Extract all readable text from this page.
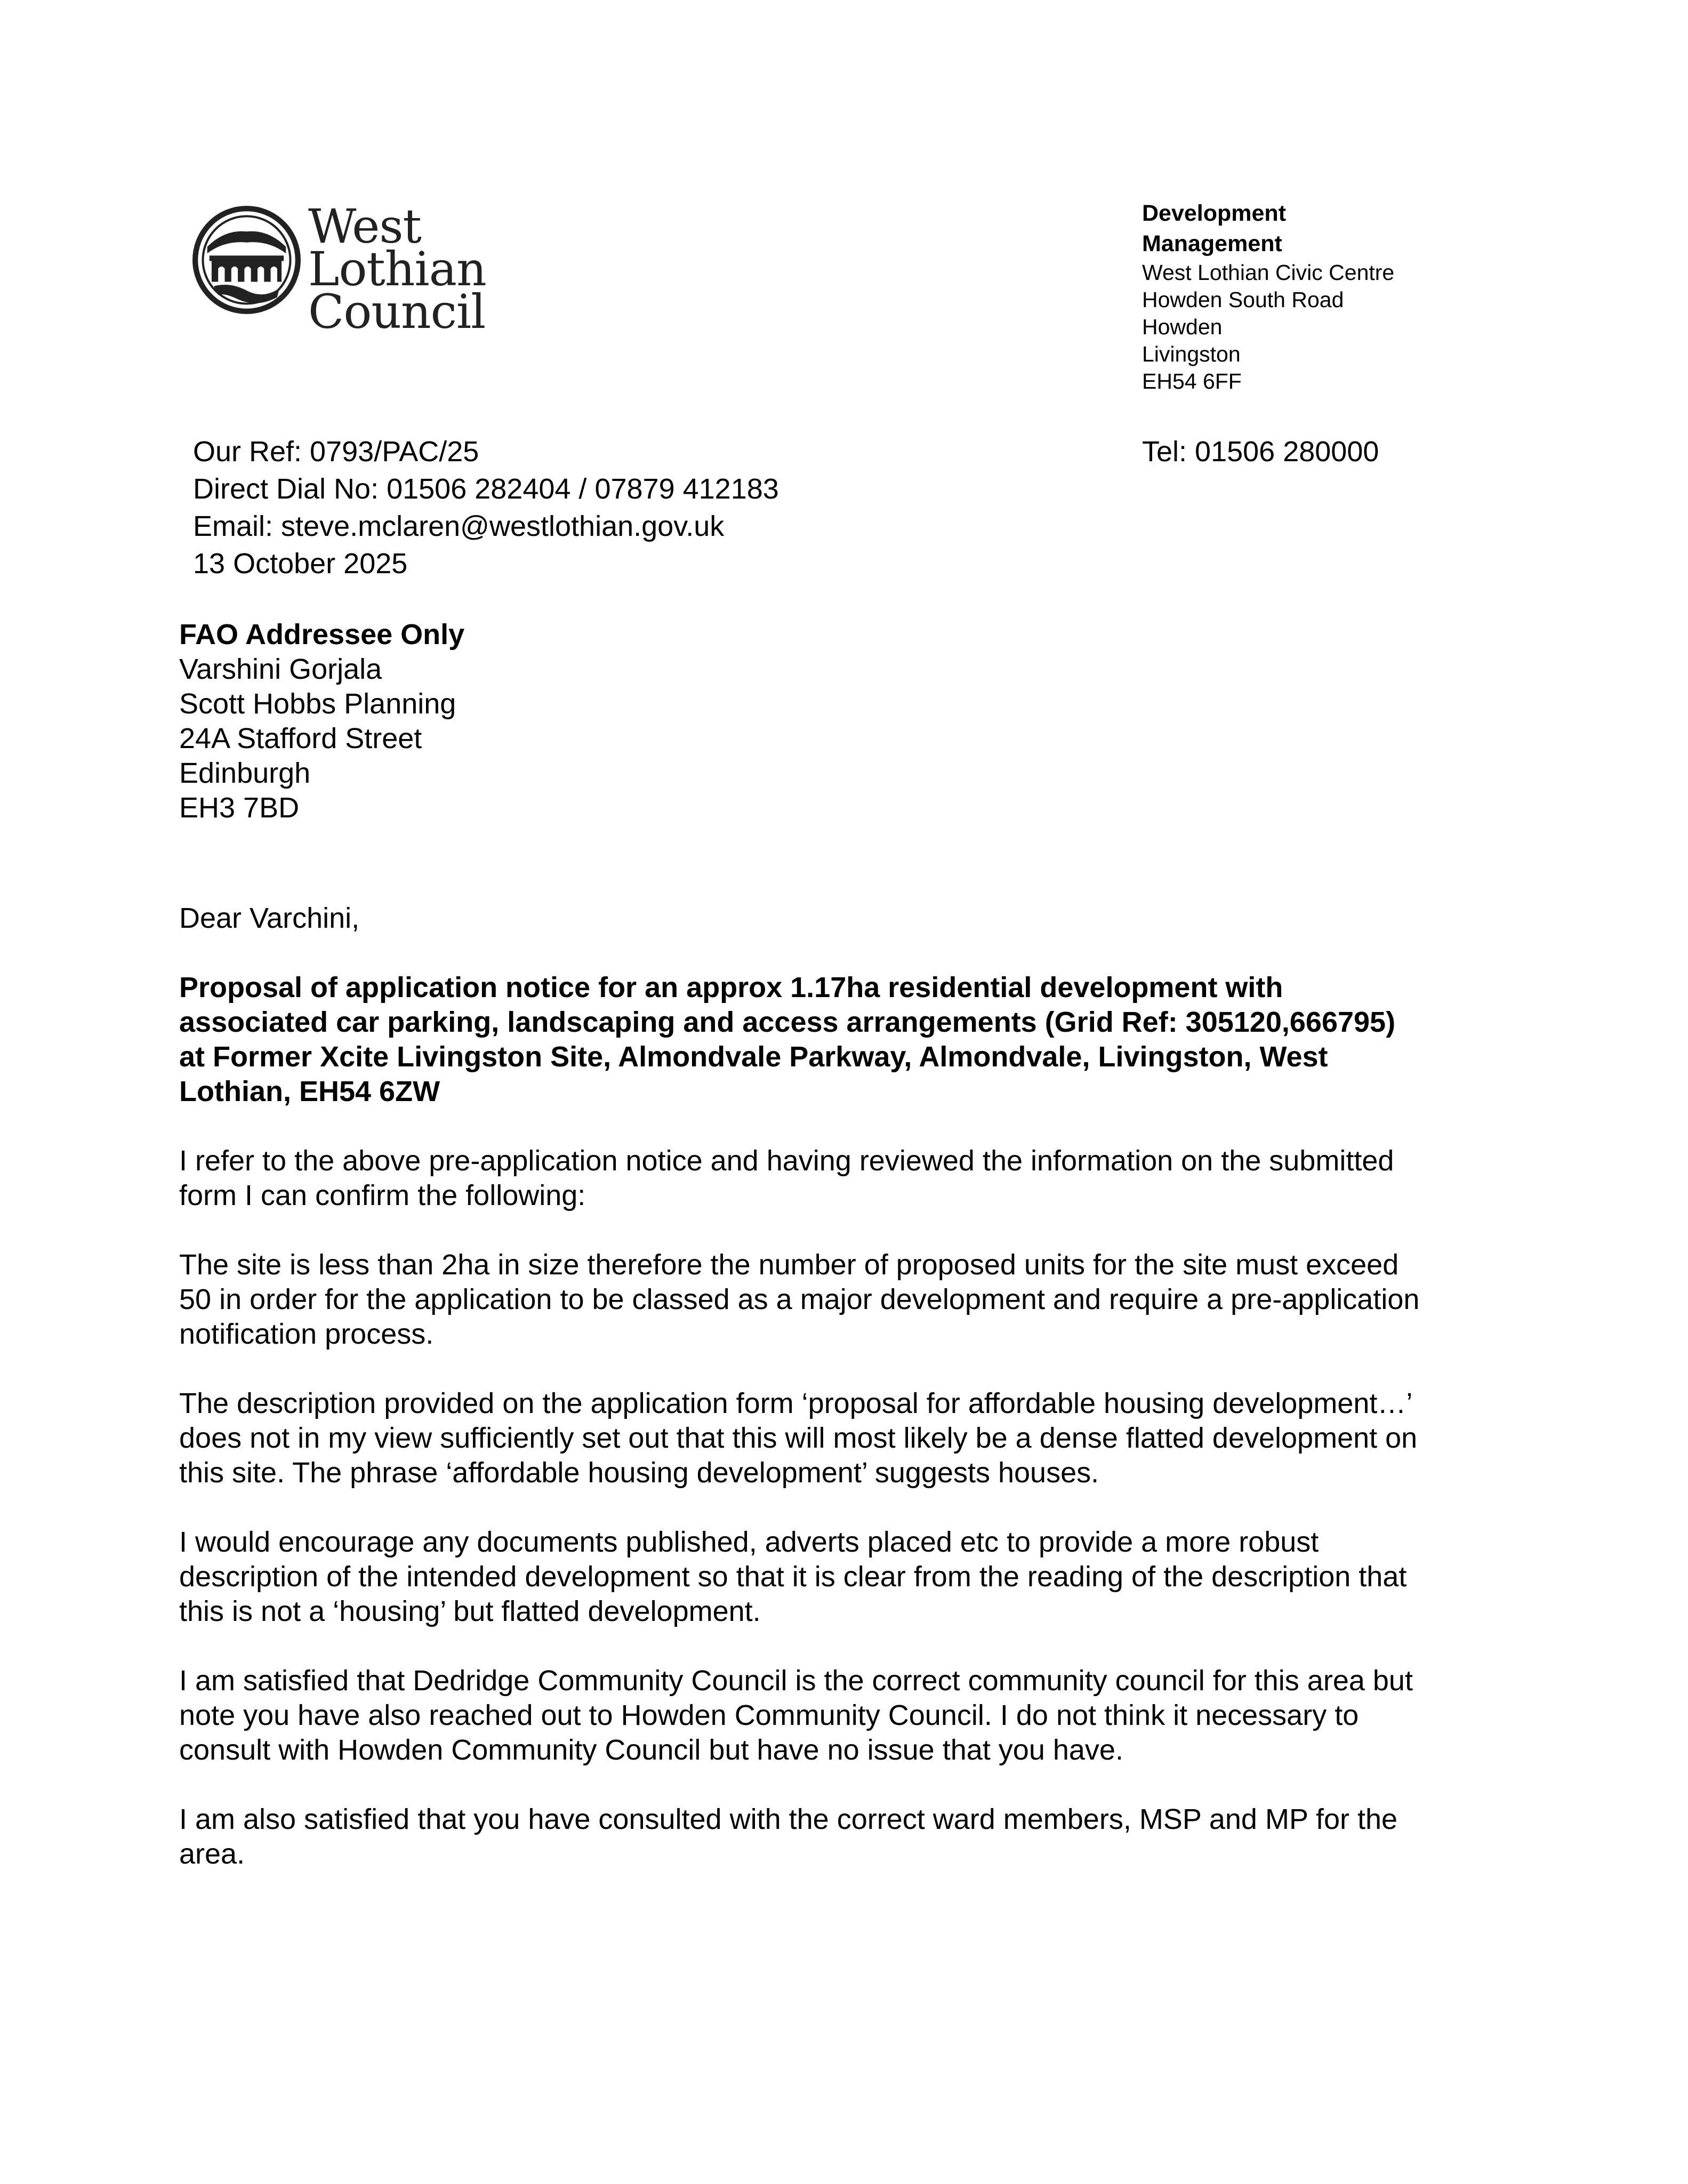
West Lothian
Council
Development
Management
West Lothian Civic Centre
Howden South Road
Howden
Livingston
EH54 6FF
Tel: 01506 280000
Our Ref: 0793/PAC/25
Direct Dial No: 01506 282404 / 07879 412183
Email: steve.mclaren@westlothian.gov.uk
13 October 2025
FAO Addressee Only
Varshini Gorjala
Scott Hobbs Planning
24A Stafford Street
Edinburgh
EH3 7BD

Dear Varchini,

Proposal of application notice for an approx 1.17ha residential development with
associated car parking, landscaping and access arrangements (Grid Ref: 305120,666795)
at Former Xcite Livingston Site, Almondvale Parkway, Almondvale, Livingston, West
Lothian, EH54 6ZW

I refer to the above pre-application notice and having reviewed the information on the submitted
form I can confirm the following:

The site is less than 2ha in size therefore the number of proposed units for the site must exceed
50 in order for the application to be classed as a major development and require a pre-application
notification process.

The description provided on the application form ‘proposal for affordable housing development…’
does not in my view sufficiently set out that this will most likely be a dense flatted development on
this site. The phrase ‘affordable housing development’ suggests houses.

I would encourage any documents published, adverts placed etc to provide a more robust
description of the intended development so that it is clear from the reading of the description that
this is not a ‘housing’ but flatted development.

I am satisfied that Dedridge Community Council is the correct community council for this area but
note you have also reached out to Howden Community Council. I do not think it necessary to
consult with Howden Community Council but have no issue that you have.

I am also satisfied that you have consulted with the correct ward members, MSP and MP for the
area.
